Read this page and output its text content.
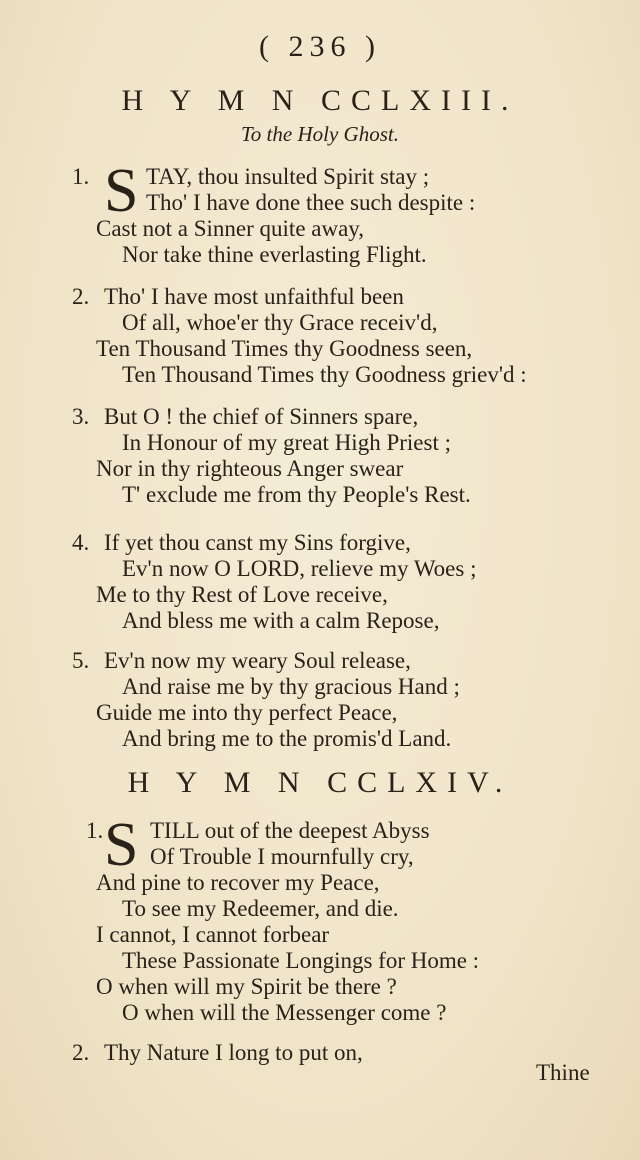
( 236 )
H Y M N CCLXIII.
To the Holy Ghost.
1. S TAY, thou insulted Spirit stay ;
Tho' I have done thee such despite :
Cast not a Sinner quite away,
Nor take thine everlasting Flight.
2. Tho' I have most unfaithful been
Of all, whoe'er thy Grace receiv'd,
Ten Thousand Times thy Goodness seen,
Ten Thousand Times thy Goodness griev'd :
3. But O ! the chief of Sinners spare,
In Honour of my great High Priest ;
Nor in thy righteous Anger swear
T' exclude me from thy People's Rest.
4. If yet thou canst my Sins forgive,
Ev'n now O LORD, relieve my Woes ;
Me to thy Rest of Love receive,
And bless me with a calm Repose,
5. Ev'n now my weary Soul release,
And raise me by thy gracious Hand ;
Guide me into thy perfect Peace,
And bring me to the promis'd Land.
H Y M N CCLXIV.
1. S TILL out of the deepest Abyss
Of Trouble I mournfully cry,
And pine to recover my Peace,
To see my Redeemer, and die.
I cannot, I cannot forbear
These Passionate Longings for Home :
O when will my Spirit be there ?
O when will the Messenger come ?
2. Thy Nature I long to put on,
Thine
